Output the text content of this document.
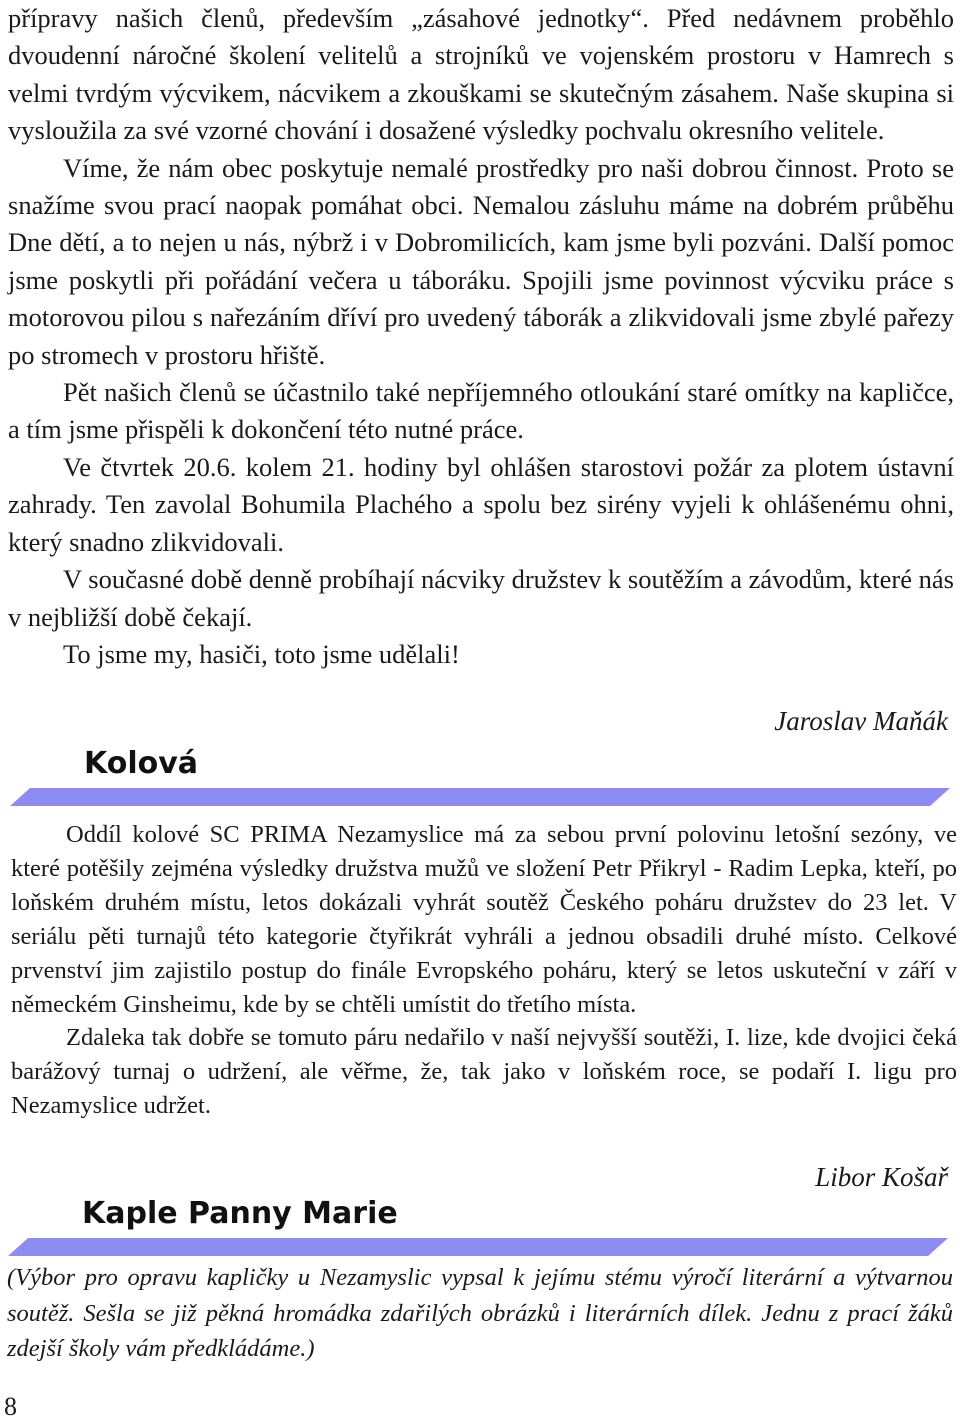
přípravy našich členů, především „zásahové jednotky“. Před nedávnem proběhlo dvoudenní náročné školení velitelů a strojníků ve vojenském prostoru v Hamrech s velmi tvrdým výcvikem, nácvikem a zkouškami se skutečným zásahem. Naše skupina si vysloužila za své vzorné chování i dosažené výsledky pochvalu okresního velitele.

Víme, že nám obec poskytuje nemalé prostředky pro naši dobrou činnost. Proto se snažíme svou prací naopak pomáhat obci. Nemalou zásluhu máme na dobrém průběhu Dne dětí, a to nejen u nás, nýbrž i v Dobromilicích, kam jsme byli pozváni. Další pomoc jsme poskytli při pořádání večera u táboráku. Spojili jsme povinnost výcviku práce s motorovou pilou s nařezáním dříví pro uvedený táborák a zlikvidovali jsme zbylé pařezy po stromech v prostoru hřiště.

Pět našich členů se účastnilo také nepříjemného otloukání staré omítky na kapličce, a tím jsme přispěli k dokončení této nutné práce.

Ve čtvrtek 20.6. kolem 21. hodiny byl ohlášen starostovi požár za plotem ústavní zahrady. Ten zavolal Bohumila Plachého a spolu bez sirény vyjeli k ohlášenému ohni, který snadno zlikvidovali.

V současné době denně probíhají nácviky družstev k soutěžím a závodům, které nás v nejbližší době čekají.

To jsme my, hasiči, toto jsme udělali!

Jaroslav Maňák
Kolová

Oddíl kolové SC PRIMA Nezamyslice má za sebou první polovinu letošní sezóny, ve které potěšily zejména výsledky družstva mužů ve složení Petr Přikryl - Radim Lepka, kteří, po loňském druhém místu, letos dokázali vyhrát soutěž Českého poháru družstev do 23 let. V seriálu pěti turnajů této kategorie čtyřikrát vyhráli a jednou obsadili druhé místo. Celkové prvenství jim zajistilo postup do finále Evropského poháru, který se letos uskuteční v září v německém Ginsheimu, kde by se chtěli umístit do třetího místa.

Zdaleka tak dobře se tomuto páru nedařilo v naší nejvyšší soutěži, I. lize, kde dvojici čeká barážový turnaj o udržení, ale věřme, že, tak jako v loňském roce, se podaří I. ligu pro Nezamyslice udržet.

Libor Košař
Kaple Panny Marie

(Výbor pro opravu kapličky u Nezamyslic vypsal k jejímu stému výročí literární a výtvarnou soutěž. Sešla se již pěkná hromádka zdařilých obrázků i literárních dílek. Jednu z prací žáků zdejší školy vám předkládáme.)

8
